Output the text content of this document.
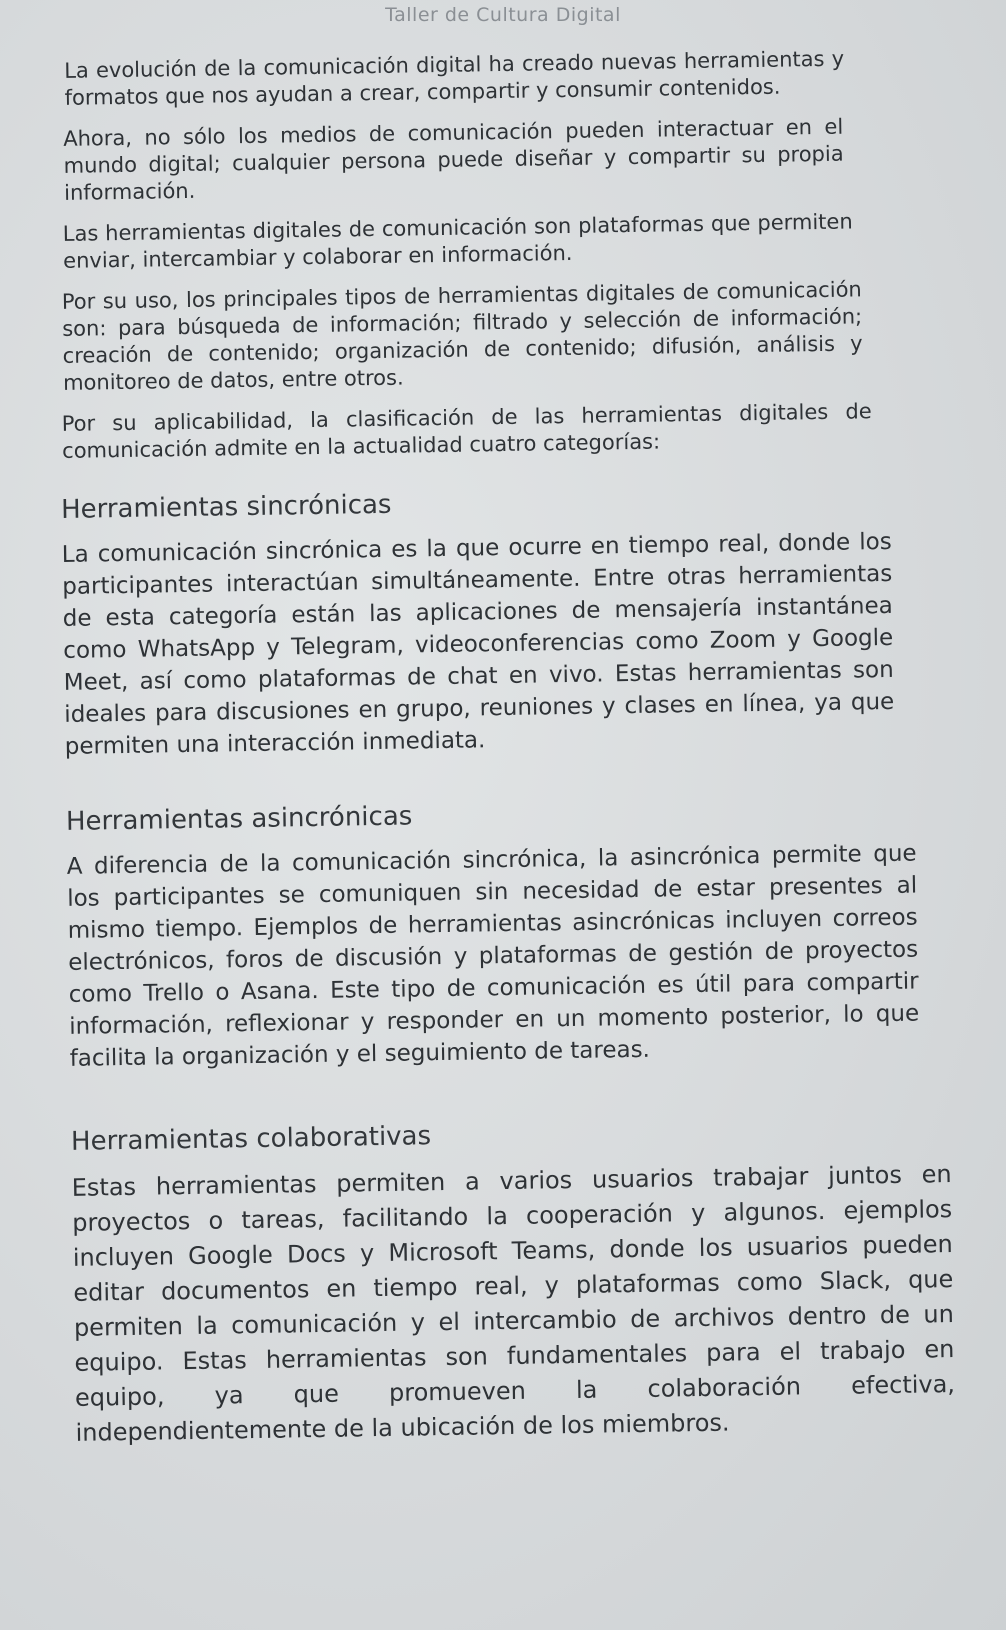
Taller de Cultura Digital

La evolución de la comunicación digital ha creado nuevas herramientas y formatos que nos ayudan a crear, compartir y consumir contenidos.

Ahora, no sólo los medios de comunicación pueden interactuar en el mundo digital; cualquier persona puede diseñar y compartir su propia información.

Las herramientas digitales de comunicación son plataformas que permiten enviar, intercambiar y colaborar en información.

Por su uso, los principales tipos de herramientas digitales de comunicación son: para búsqueda de información; filtrado y selección de información; creación de contenido; organización de contenido; difusión, análisis y monitoreo de datos, entre otros.

Por su aplicabilidad, la clasificación de las herramientas digitales de comunicación admite en la actualidad cuatro categorías:

Herramientas sincrónicas

La comunicación sincrónica es la que ocurre en tiempo real, donde los participantes interactúan simultáneamente. Entre otras herramientas de esta categoría están las aplicaciones de mensajería instantánea como WhatsApp y Telegram, videoconferencias como Zoom y Google Meet, así como plataformas de chat en vivo. Estas herramientas son ideales para discusiones en grupo, reuniones y clases en línea, ya que permiten una interacción inmediata.

Herramientas asincrónicas

A diferencia de la comunicación sincrónica, la asincrónica permite que los participantes se comuniquen sin necesidad de estar presentes al mismo tiempo. Ejemplos de herramientas asincrónicas incluyen correos electrónicos, foros de discusión y plataformas de gestión de proyectos como Trello o Asana. Este tipo de comunicación es útil para compartir información, reflexionar y responder en un momento posterior, lo que facilita la organización y el seguimiento de tareas.

Herramientas colaborativas

Estas herramientas permiten a varios usuarios trabajar juntos en proyectos o tareas, facilitando la cooperación y algunos. ejemplos incluyen Google Docs y Microsoft Teams, donde los usuarios pueden editar documentos en tiempo real, y plataformas como Slack, que permiten la comunicación y el intercambio de archivos dentro de un equipo. Estas herramientas son fundamentales para el trabajo en equipo, ya que promueven la colaboración efectiva, independientemente de la ubicación de los miembros.
